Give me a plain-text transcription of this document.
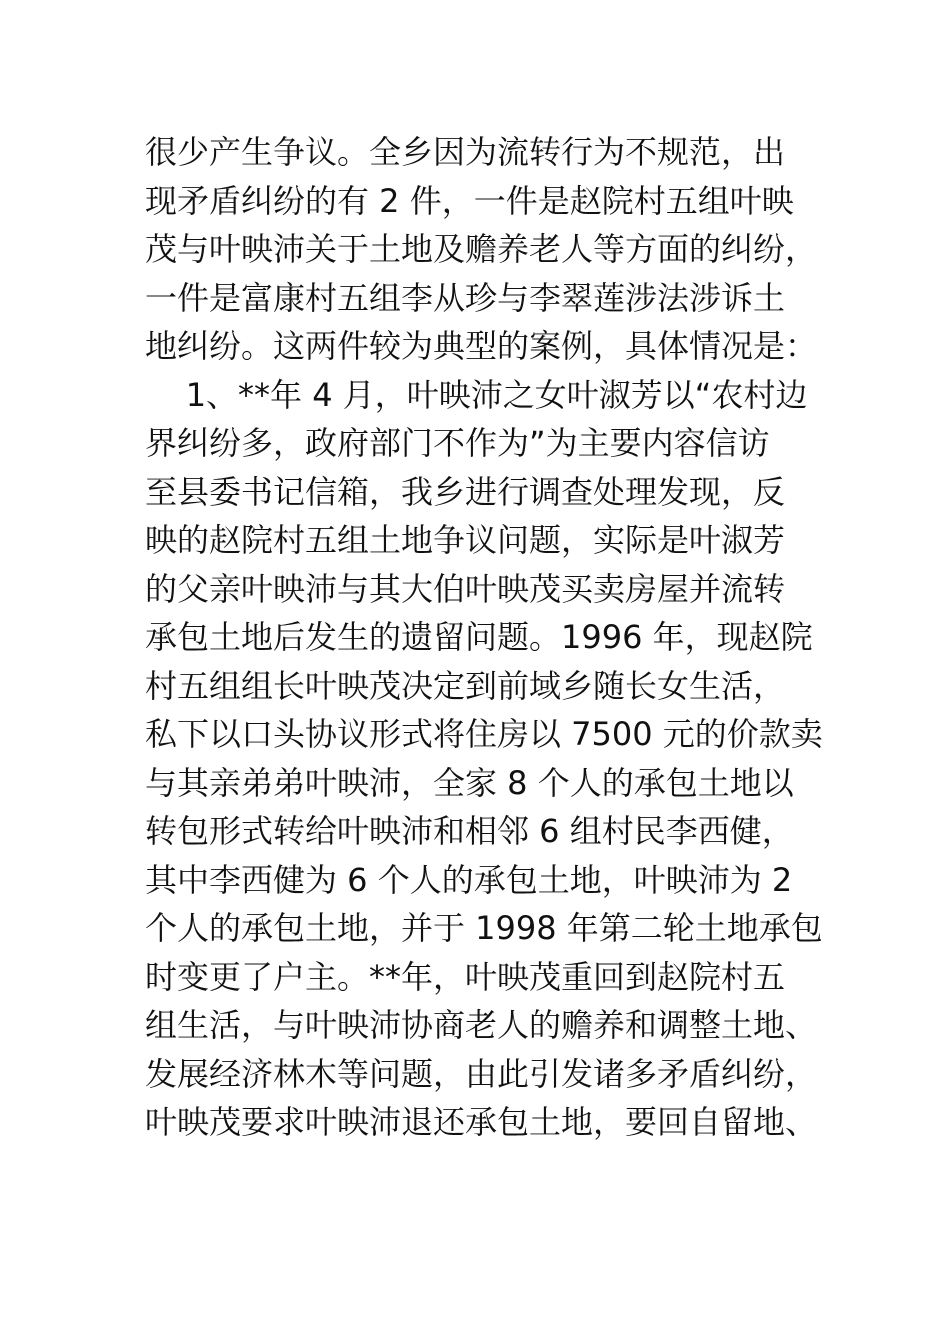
很少产生争议。全乡因为流转行为不规范，出
现矛盾纠纷的有 2 件，一件是赵院村五组叶映
茂与叶映沛关于土地及赡养老人等方面的纠纷，
一件是富康村五组李从珍与李翠莲涉法涉诉土
地纠纷。这两件较为典型的案例，具体情况是：
1、**年 4 月，叶映沛之女叶淑芳以“农村边
界纠纷多，政府部门不作为”为主要内容信访
至县委书记信箱，我乡进行调查处理发现，反
映的赵院村五组土地争议问题，实际是叶淑芳
的父亲叶映沛与其大伯叶映茂买卖房屋并流转
承包土地后发生的遗留问题。1996 年，现赵院
村五组组长叶映茂决定到前域乡随长女生活，
私下以口头协议形式将住房以 7500 元的价款卖
与其亲弟弟叶映沛，全家 8 个人的承包土地以
转包形式转给叶映沛和相邻 6 组村民李西健，
其中李西健为 6 个人的承包土地，叶映沛为 2
个人的承包土地，并于 1998 年第二轮土地承包
时变更了户主。**年，叶映茂重回到赵院村五
组生活，与叶映沛协商老人的赡养和调整土地、
发展经济林木等问题，由此引发诸多矛盾纠纷，
叶映茂要求叶映沛退还承包土地，要回自留地、
